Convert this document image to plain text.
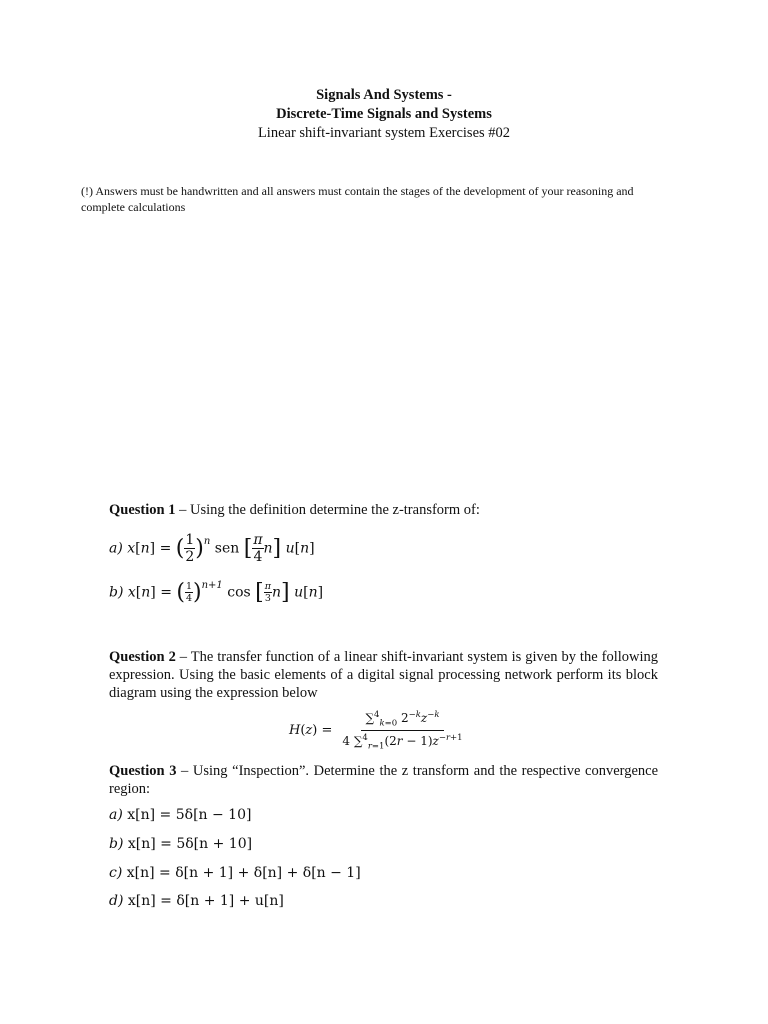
Signals And Systems -
Discrete-Time Signals and Systems
Linear shift-invariant system Exercises #02
(!) Answers must be handwritten and all answers must contain the stages of the development of your reasoning and complete calculations
Question 1 – Using the definition determine the z-transform of:
a) x[n] = ( $\frac{1}{2} )^n$ sen [ $\frac{\pi}{4} n$] u[n]
b) x[n] = ( $\frac{1}{4} )^{n+1}$ cos [ $\frac{\pi}{3} n$] u[n]
Question 2 – The transfer function of a linear shift-invariant system is given by the following expression. Using the basic elements of a digital signal processing network perform its block diagram using the expression below
$H(z) = \frac{\sum^4_{k=0} 2^{-k}z^{-k}}{4 \sum^4_{r=1}(2r - 1)z^{-r+1}}$
Question 3 – Using “Inspection”. Determine the z transform and the respective convergence region:
a) x[n] = 5δ[n − 10]
b) x[n] = 5δ[n + 10]
c) x[n] = δ[n + 1] + δ[n] + δ[n − 1]
d) x[n] = δ[n + 1] + u[n]
